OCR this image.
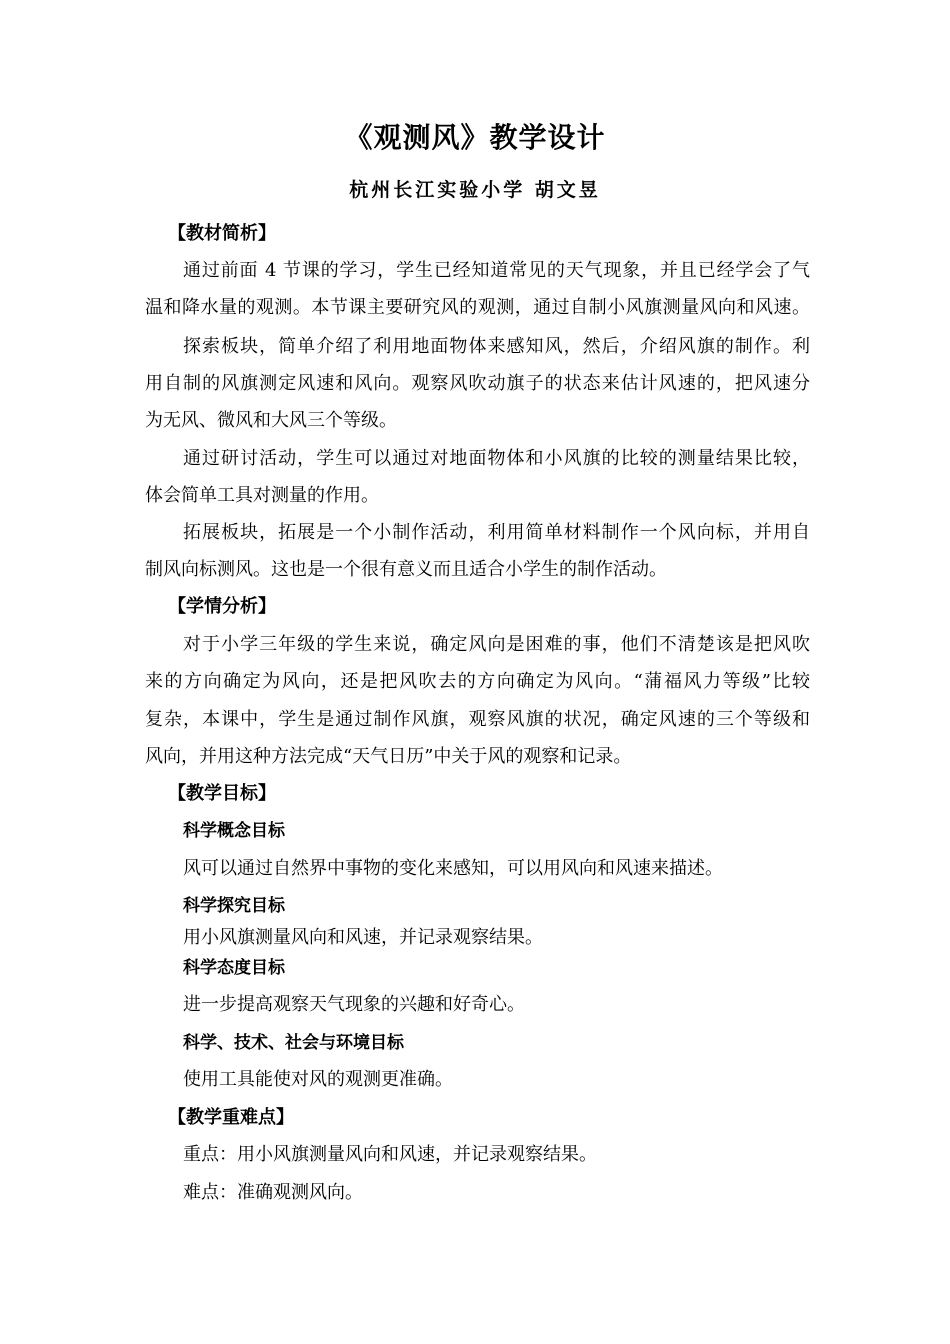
《观测风》教学设计
杭州长江实验小学 胡文昱
【教材简析】
通过前面 4 节课的学习，学生已经知道常见的天气现象，并且已经学会了气
温和降水量的观测。本节课主要研究风的观测，通过自制小风旗测量风向和风速。
探索板块，简单介绍了利用地面物体来感知风，然后，介绍风旗的制作。利
用自制的风旗测定风速和风向。观察风吹动旗子的状态来估计风速的，把风速分
为无风、微风和大风三个等级。
通过研讨活动，学生可以通过对地面物体和小风旗的比较的测量结果比较，
体会简单工具对测量的作用。
拓展板块，拓展是一个小制作活动，利用简单材料制作一个风向标，并用自
制风向标测风。这也是一个很有意义而且适合小学生的制作活动。
【学情分析】
对于小学三年级的学生来说，确定风向是困难的事，他们不清楚该是把风吹
来的方向确定为风向，还是把风吹去的方向确定为风向。“蒲福风力等级”比较
复杂，本课中，学生是通过制作风旗，观察风旗的状况，确定风速的三个等级和
风向，并用这种方法完成“天气日历”中关于风的观察和记录。
【教学目标】
科学概念目标
风可以通过自然界中事物的变化来感知，可以用风向和风速来描述。
科学探究目标
用小风旗测量风向和风速，并记录观察结果。
科学态度目标
进一步提高观察天气现象的兴趣和好奇心。
科学、技术、社会与环境目标
使用工具能使对风的观测更准确。
【教学重难点】
重点：用小风旗测量风向和风速，并记录观察结果。
难点：准确观测风向。
